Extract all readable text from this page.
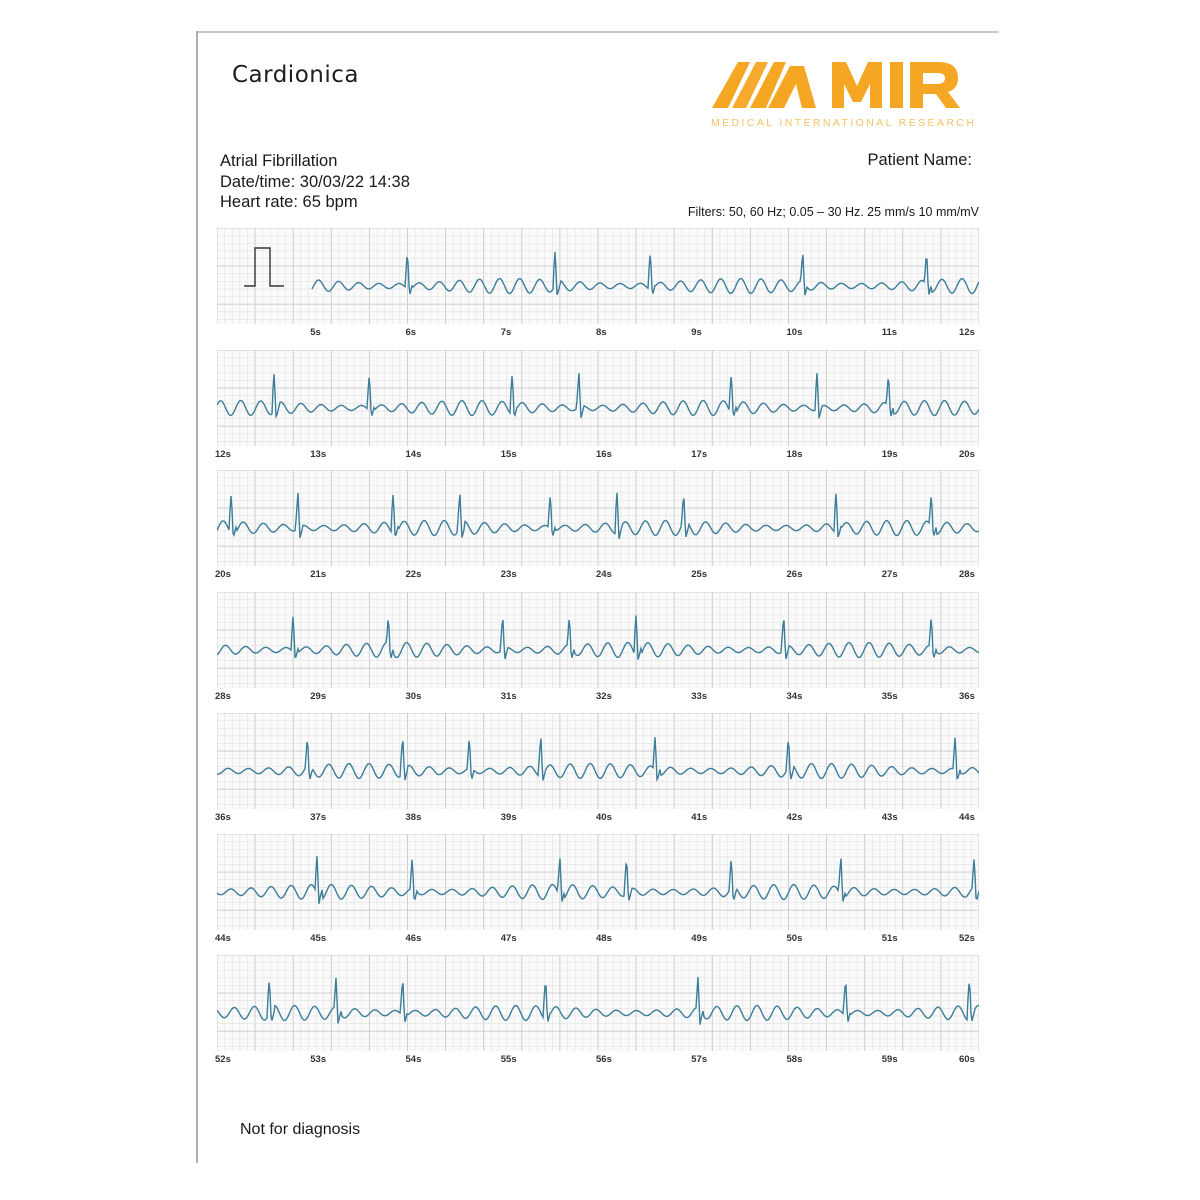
Cardionica
MEDICAL INTERNATIONAL RESEARCH
Atrial Fibrillation
Date/time: 30/03/22 14:38
Heart rate: 65 bpm
Patient Name:
Filters: 50, 60 Hz; 0.05 – 30 Hz. 25 mm/s 10 mm/mV
5s	6s	7s	8s	9s	10s	11s	12s
12s	13s	14s	15s	16s	17s	18s	19s	20s
20s	21s	22s	23s	24s	25s	26s	27s	28s
28s	29s	30s	31s	32s	33s	34s	35s	36s
36s	37s	38s	39s	40s	41s	42s	43s	44s
44s	45s	46s	47s	48s	49s	50s	51s	52s
52s	53s	54s	55s	56s	57s	58s	59s	60s
Not for diagnosis
